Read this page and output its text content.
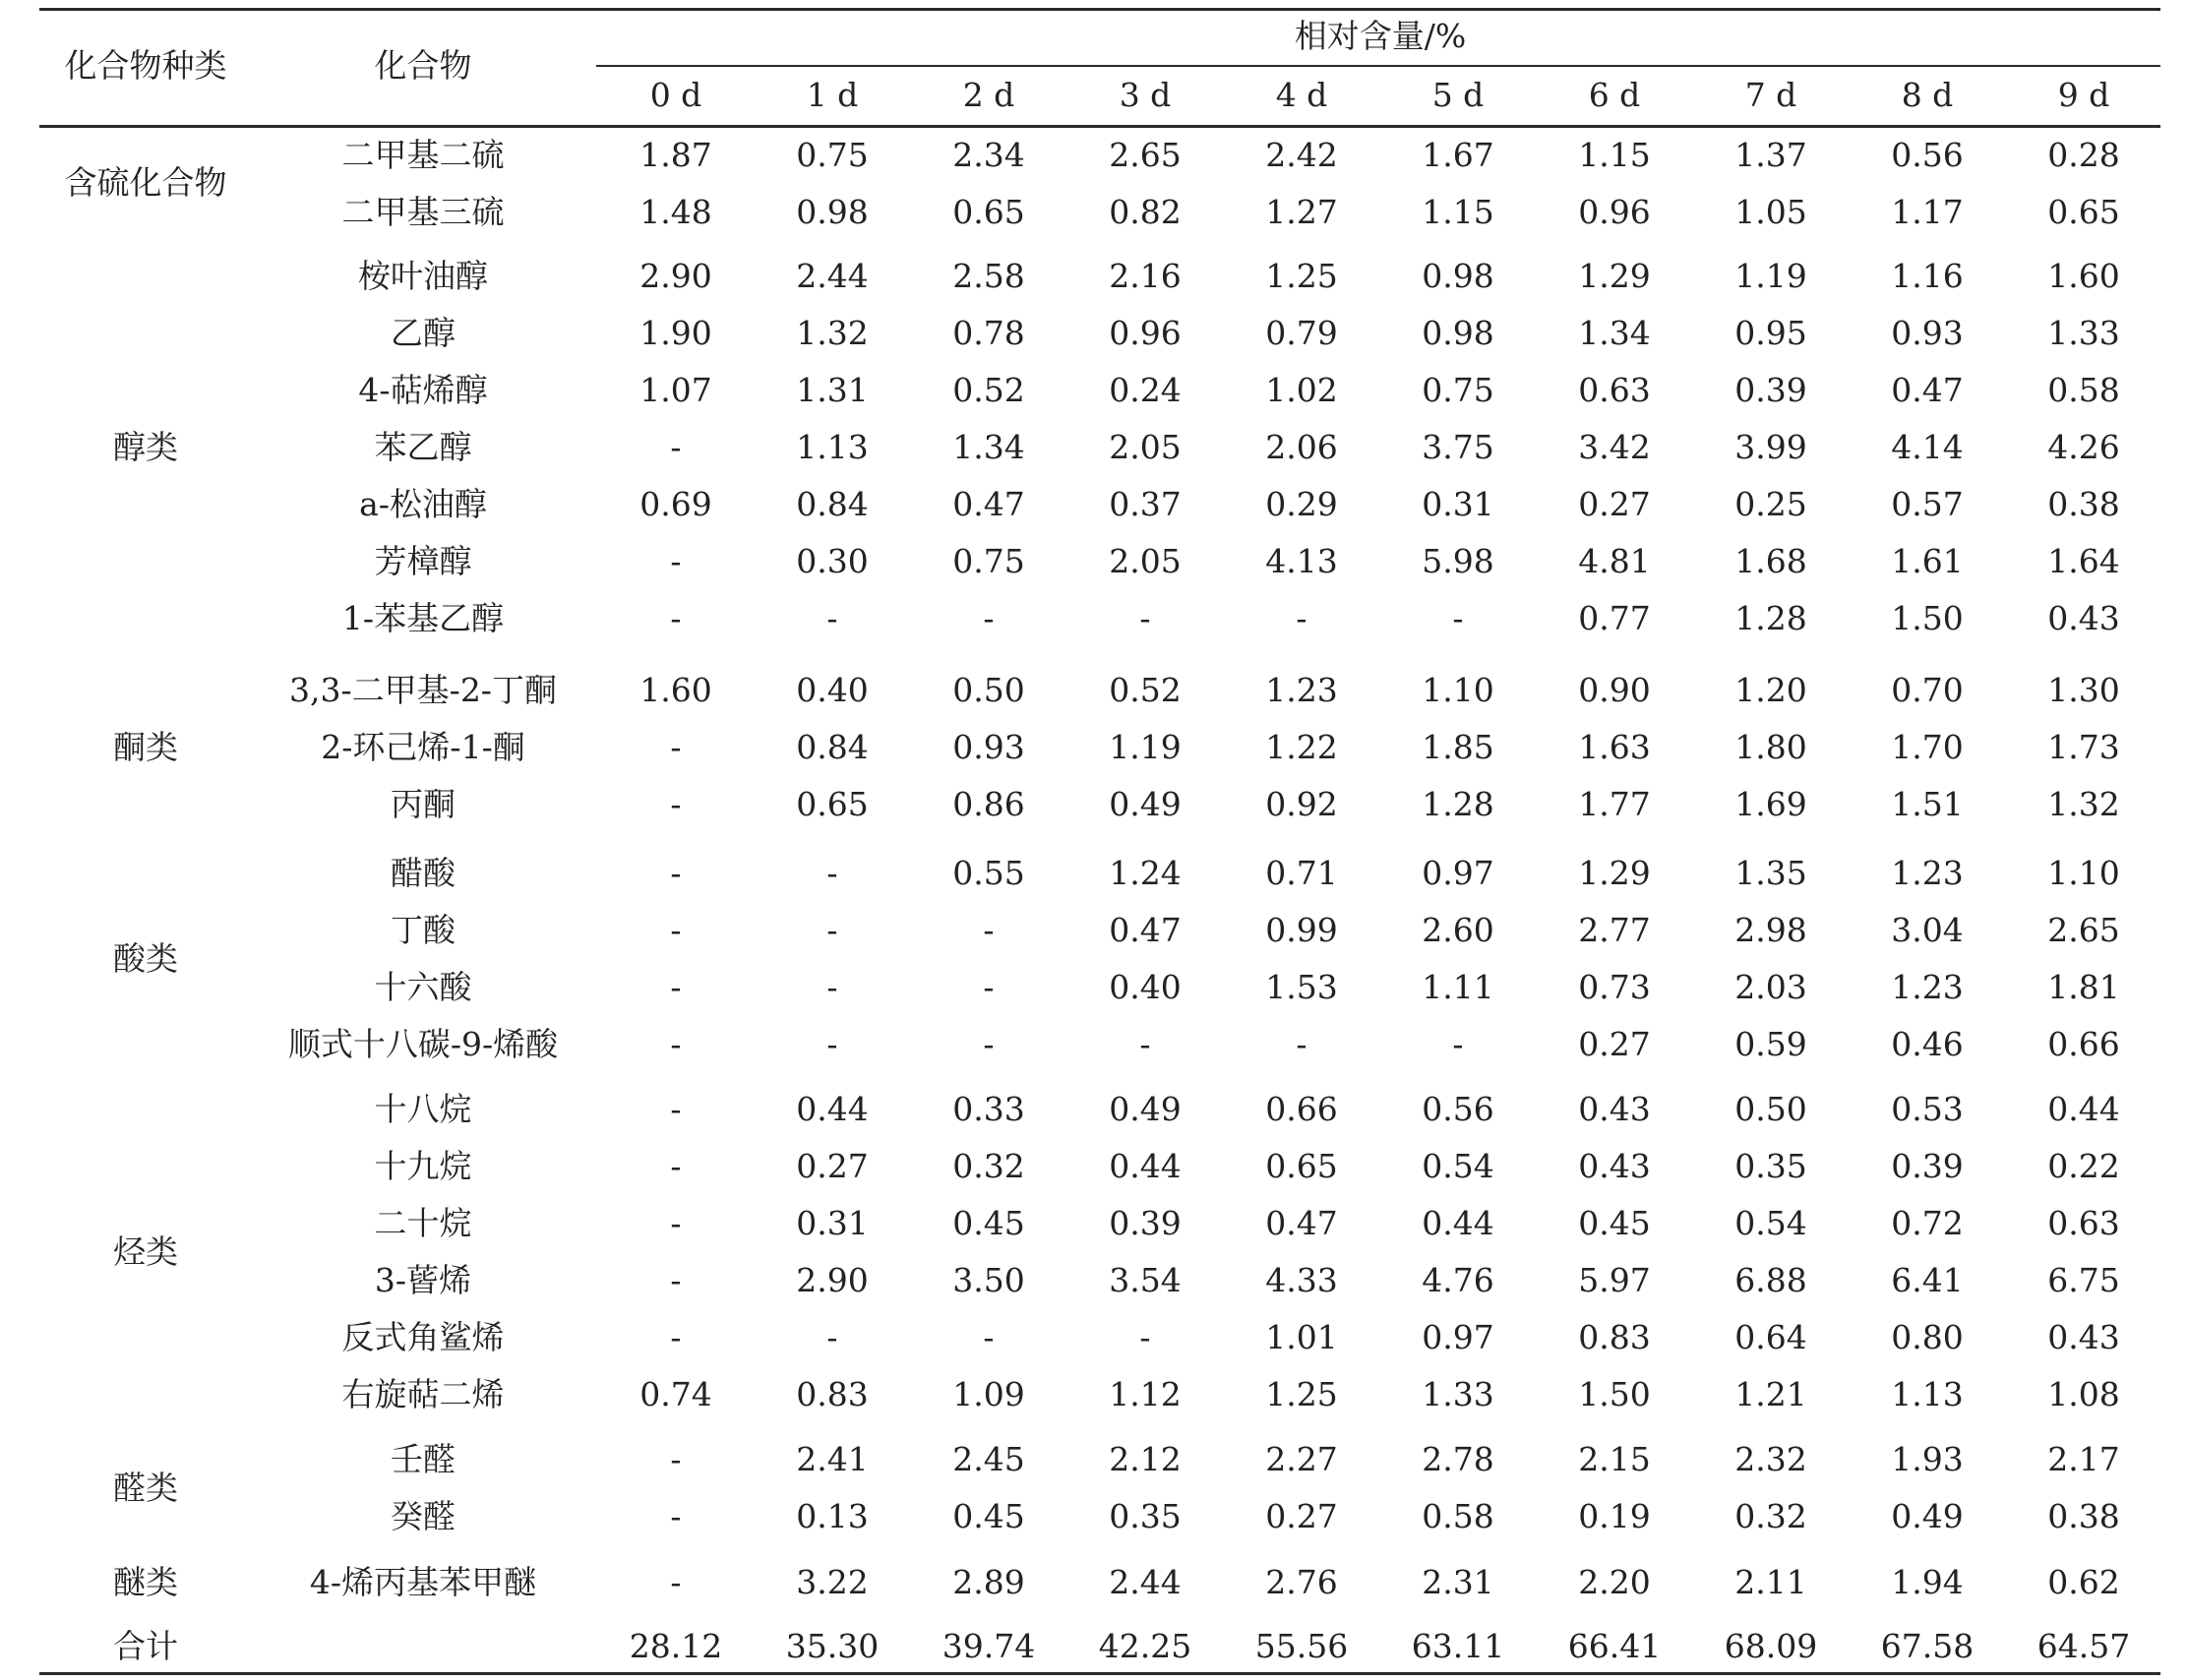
化合物种类	化合物
相对含量/%
0 d	1 d	2 d	3 d	4 d	5 d	6 d	7 d	8 d	9 d
含硫化合物
二甲基二硫	1.87	0.75	2.34	2.65	2.42	1.67	1.15	1.37	0.56	0.28
二甲基三硫	1.48	0.98	0.65	0.82	1.27	1.15	0.96	1.05	1.17	0.65
醇类
桉叶油醇	2.90	2.44	2.58	2.16	1.25	0.98	1.29	1.19	1.16	1.60
乙醇	1.90	1.32	0.78	0.96	0.79	0.98	1.34	0.95	0.93	1.33
4-萜烯醇	1.07	1.31	0.52	0.24	1.02	0.75	0.63	0.39	0.47	0.58
苯乙醇	-	1.13	1.34	2.05	2.06	3.75	3.42	3.99	4.14	4.26
a-松油醇	0.69	0.84	0.47	0.37	0.29	0.31	0.27	0.25	0.57	0.38
芳樟醇	-	0.30	0.75	2.05	4.13	5.98	4.81	1.68	1.61	1.64
1-苯基乙醇	-	-	-	-	-	-	0.77	1.28	1.50	0.43
酮类
3,3-二甲基-2-丁酮	1.60	0.40	0.50	0.52	1.23	1.10	0.90	1.20	0.70	1.30
2-环己烯-1-酮	-	0.84	0.93	1.19	1.22	1.85	1.63	1.80	1.70	1.73
丙酮	-	0.65	0.86	0.49	0.92	1.28	1.77	1.69	1.51	1.32
酸类
醋酸	-	-	0.55	1.24	0.71	0.97	1.29	1.35	1.23	1.10
丁酸	-	-	-	0.47	0.99	2.60	2.77	2.98	3.04	2.65
十六酸	-	-	-	0.40	1.53	1.11	0.73	2.03	1.23	1.81
顺式十八碳-9-烯酸	-	-	-	-	-	-	0.27	0.59	0.46	0.66
烃类
十八烷	-	0.44	0.33	0.49	0.66	0.56	0.43	0.50	0.53	0.44
十九烷	-	0.27	0.32	0.44	0.65	0.54	0.43	0.35	0.39	0.22
二十烷	-	0.31	0.45	0.39	0.47	0.44	0.45	0.54	0.72	0.63
3-蒈烯	-	2.90	3.50	3.54	4.33	4.76	5.97	6.88	6.41	6.75
反式角鲨烯	-	-	-	-	1.01	0.97	0.83	0.64	0.80	0.43
右旋萜二烯	0.74	0.83	1.09	1.12	1.25	1.33	1.50	1.21	1.13	1.08
醛类
壬醛	-	2.41	2.45	2.12	2.27	2.78	2.15	2.32	1.93	2.17
癸醛	-	0.13	0.45	0.35	0.27	0.58	0.19	0.32	0.49	0.38
醚类	4-烯丙基苯甲醚	-	3.22	2.89	2.44	2.76	2.31	2.20	2.11	1.94	0.62
合计	28.12 35.30 39.74 42.25 55.56 63.11 66.41 68.09 67.58 64.57
